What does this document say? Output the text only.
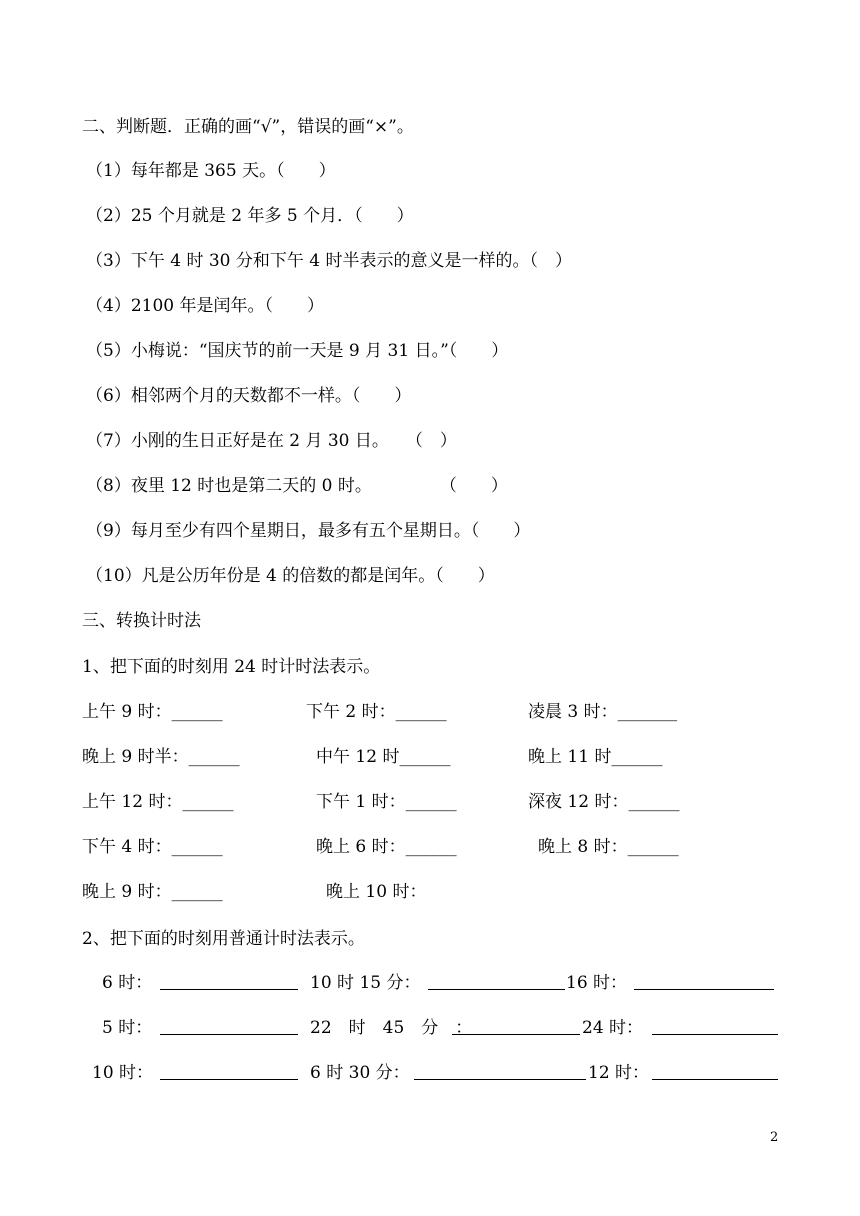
二、判断题．正确的画“√”，错误的画“×”。
（1）每年都是 365 天。（　　）
（2）25 个月就是 2 年多 5 个月．（　　）
（3）下午 4 时 30 分和下午 4 时半表示的意义是一样的。（　）
（4）2100 年是闰年。（　　）
（5）小梅说：“国庆节的前一天是 9 月 31 日。”（　　）
（6）相邻两个月的天数都不一样。（　　）
（7）小刚的生日正好是在 2 月 30 日。　　（　）
（8）夜里 12 时也是第二天的 0 时。　　　　　（　　）
（9）每月至少有四个星期日，最多有五个星期日。（　　）
（10）凡是公历年份是 4 的倍数的都是闰年。（　　）
三、转换计时法
1、把下面的时刻用 24 时计时法表示。
上午 9 时：______	下午 2 时：______	凌晨 3 时：_______
晚上 9 时半：______	中午 12 时______	晚上 11 时______
上午 12 时：______	下午 1 时：______	深夜 12 时：______
下午 4 时：______	晚上 6 时：______	晚上 8 时：______
晚上 9 时：______	晚上 10 时：
2、把下面的时刻用普通计时法表示。
6 时：	10 时 15 分：	16 时：
5 时：	22　时　45　分　：	24 时：
10 时：	6 时 30 分：	12 时：
2
